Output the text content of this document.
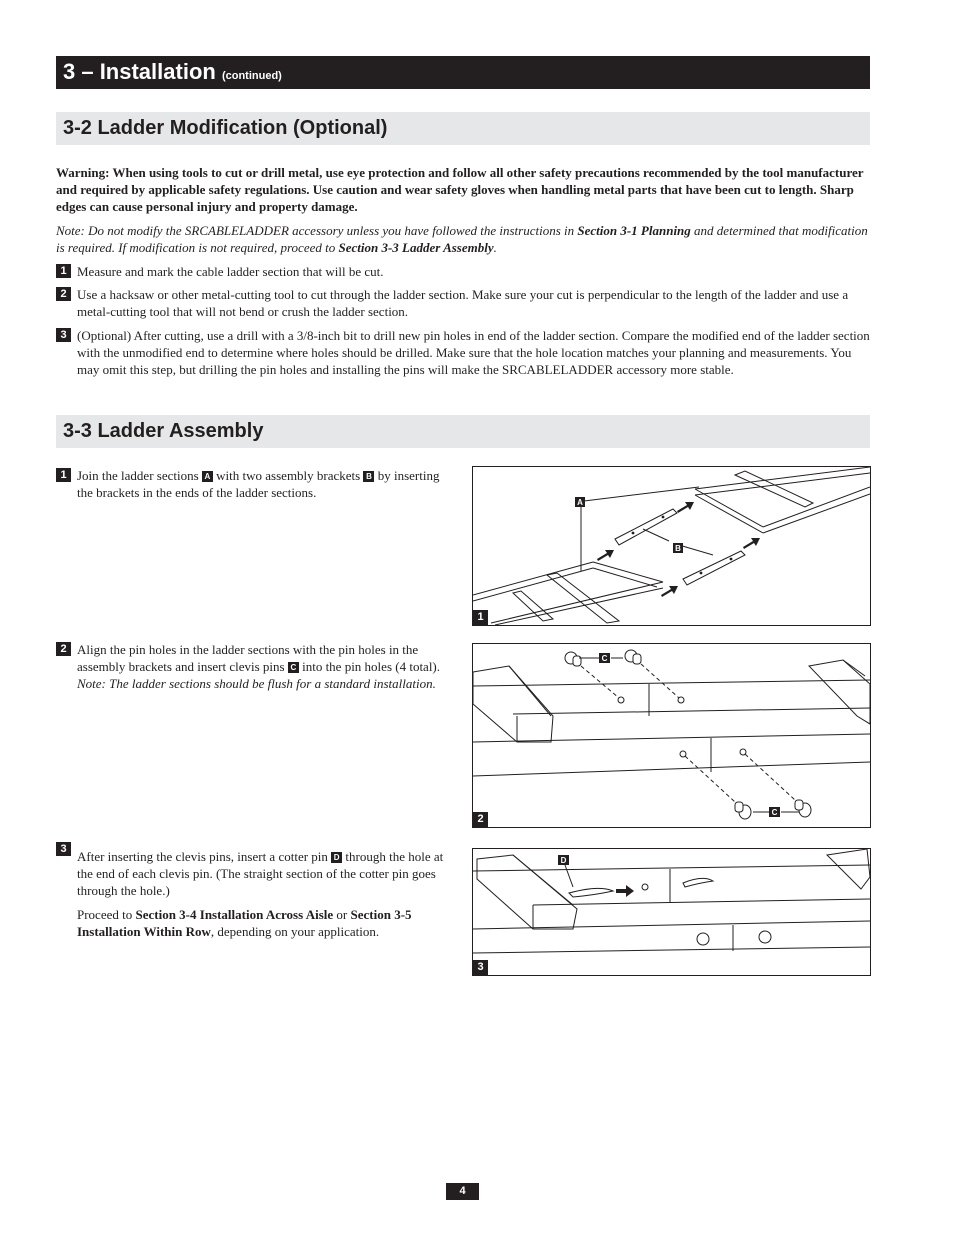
3 – Installation (continued)
3-2 Ladder Modification (Optional)
Warning: When using tools to cut or drill metal, use eye protection and follow all other safety precautions recommended by the tool manufacturer and required by applicable safety regulations. Use caution and wear safety gloves when handling metal parts that have been cut to length. Sharp edges can cause personal injury and property damage.
Note: Do not modify the SRCABLELADDER accessory unless you have followed the instructions in Section 3-1 Planning and determined that modification is required. If modification is not required, proceed to Section 3-3 Ladder Assembly.
1 Measure and mark the cable ladder section that will be cut.
2 Use a hacksaw or other metal-cutting tool to cut through the ladder section. Make sure your cut is perpendicular to the length of the ladder and use a metal-cutting tool that will not bend or crush the ladder section.
3 (Optional) After cutting, use a drill with a 3/8-inch bit to drill new pin holes in end of the ladder section. Compare the modified end of the ladder section with the unmodified end to determine where holes should be drilled. Make sure that the hole location matches your planning and measurements. You may omit this step, but drilling the pin holes and installing the pins will make the SRCABLELADDER accessory more stable.
3-3 Ladder Assembly
1 Join the ladder sections A with two assembly brackets B by inserting the brackets in the ends of the ladder sections.
2 Align the pin holes in the ladder sections with the pin holes in the assembly brackets and insert clevis pins C into the pin holes (4 total). Note: The ladder sections should be flush for a standard installation.
3 After inserting the clevis pins, insert a cotter pin D through the hole at the end of each clevis pin. (The straight section of the cotter pin goes through the hole.)
Proceed to Section 3-4 Installation Across Aisle or Section 3-5 Installation Within Row, depending on your application.
A
B
1
C
C
2
D
3
4
